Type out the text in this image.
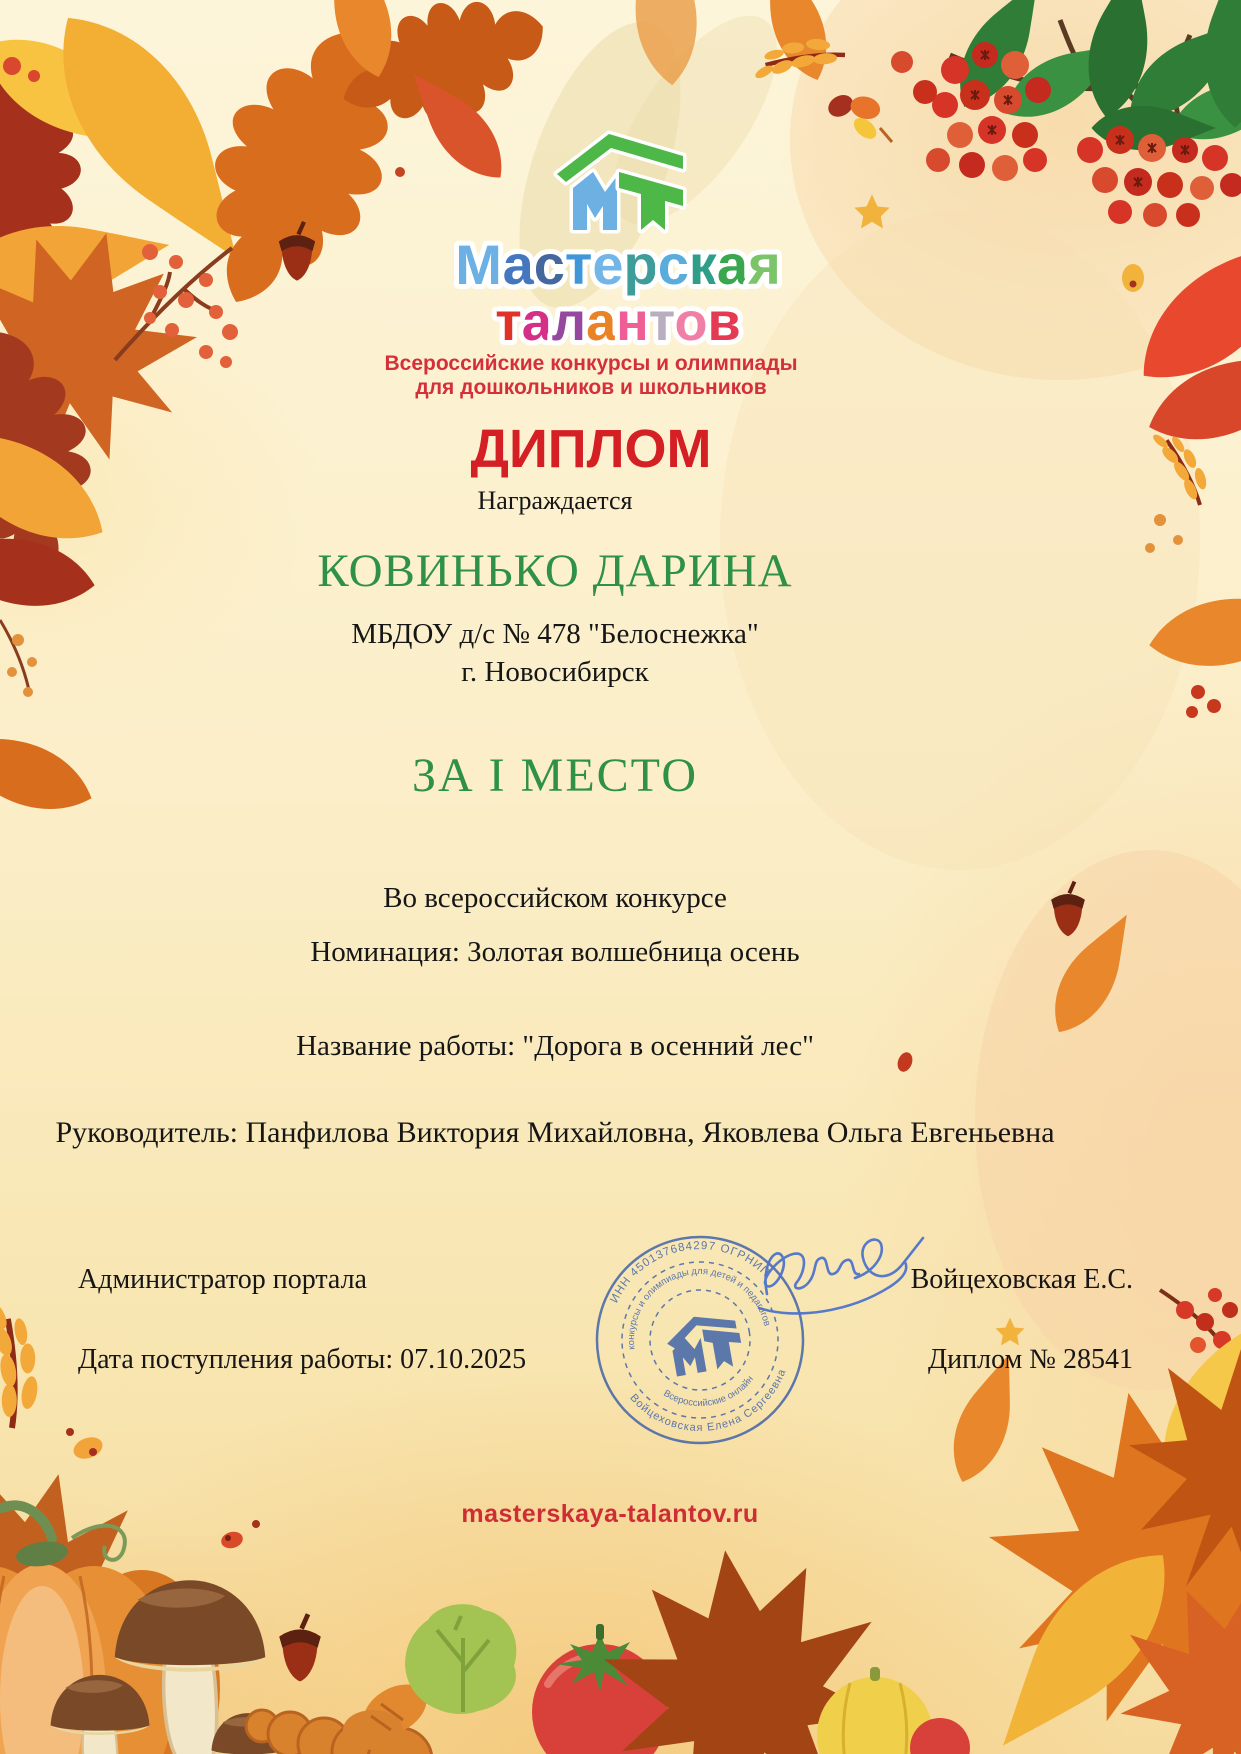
Мастерская
талантов
Всероссийские конкурсы и олимпиады
для дошкольников и школьников
ДИПЛОМ
Награждается
КОВИНЬКО ДАРИНА
МБДОУ д/с № 478 "Белоснежка"
г. Новосибирск
ЗА I МЕСТО
Во всероссийском конкурсе
Номинация: Золотая волшебница осень
Название работы: "Дорога в осенний лес"
Руководитель: Панфилова Виктория Михайловна, Яковлева Ольга Евгеньевна
Администратор портала	Войцеховская Е.С.
Дата поступления работы: 07.10.2025	Диплом № 28541
masterskaya-talantov.ru
ИНН 450137684297 ОГРНИП
Войцеховская Елена Сергеевна
конкурсы и олимпиады для детей и педагогов
Всероссийские онлайн
